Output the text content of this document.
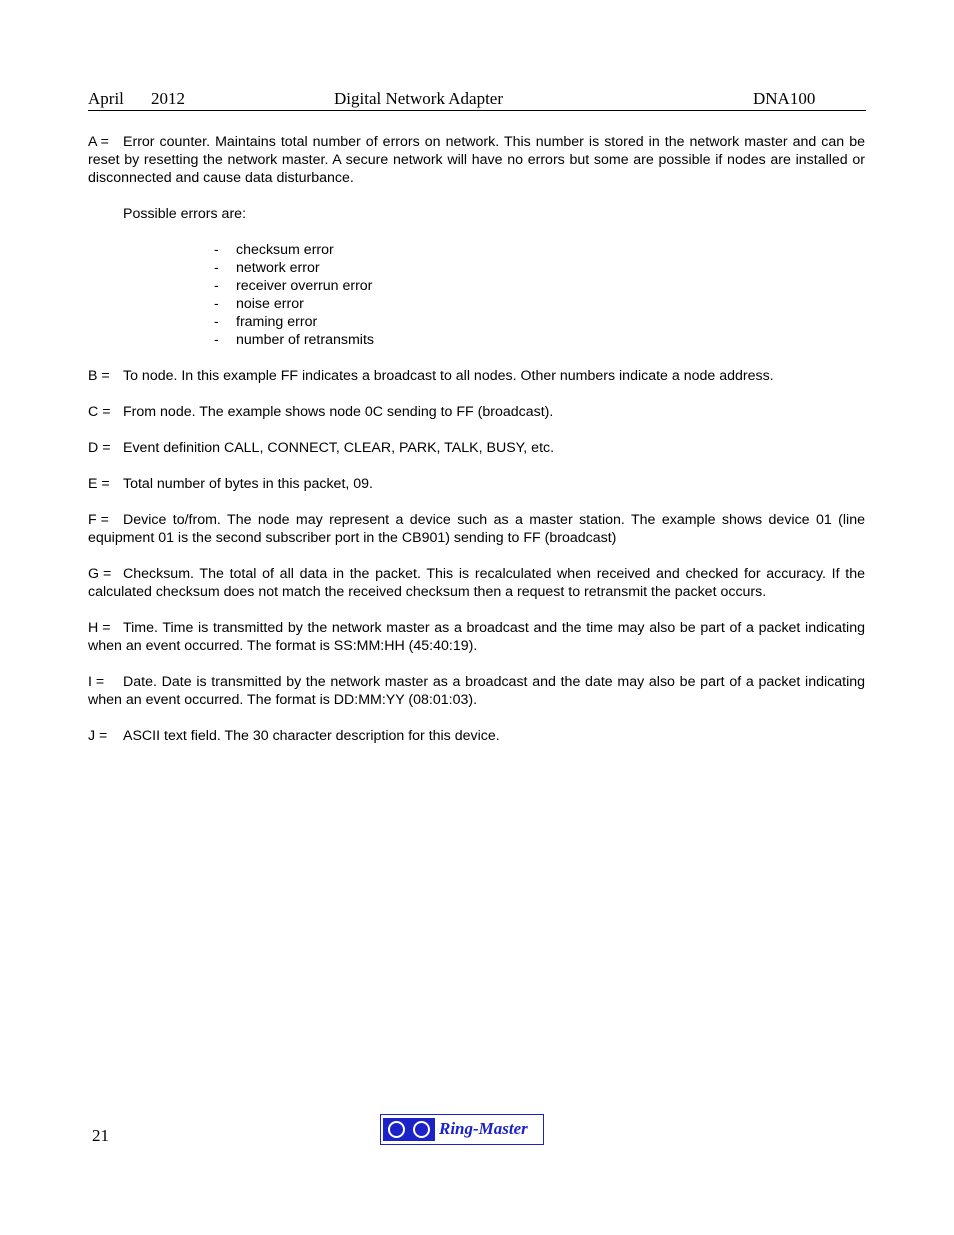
April 2012	Digital Network Adapter	DNA100

A = Error counter. Maintains total number of errors on network. This number is stored in the network master and can be reset by resetting the network master. A secure network will have no errors but some are possible if nodes are installed or disconnected and cause data disturbance.

Possible errors are:

- checksum error
- network error
- receiver overrun error
- noise error
- framing error
- number of retransmits

B = To node. In this example FF indicates a broadcast to all nodes. Other numbers indicate a node address.

C = From node. The example shows node 0C sending to FF (broadcast).

D = Event definition CALL, CONNECT, CLEAR, PARK, TALK, BUSY, etc.

E = Total number of bytes in this packet, 09.

F = Device to/from. The node may represent a device such as a master station. The example shows device 01 (line equipment 01 is the second subscriber port in the CB901) sending to FF (broadcast)

G = Checksum. The total of all data in the packet. This is recalculated when received and checked for accuracy. If the calculated checksum does not match the received checksum then a request to retransmit the packet occurs.

H = Time. Time is transmitted by the network master as a broadcast and the time may also be part of a packet indicating when an event occurred. The format is SS:MM:HH (45:40:19).

I = Date. Date is transmitted by the network master as a broadcast and the date may also be part of a packet indicating when an event occurred. The format is DD:MM:YY (08:01:03).

J = ASCII text field. The 30 character description for this device.

21	Ring-Master
